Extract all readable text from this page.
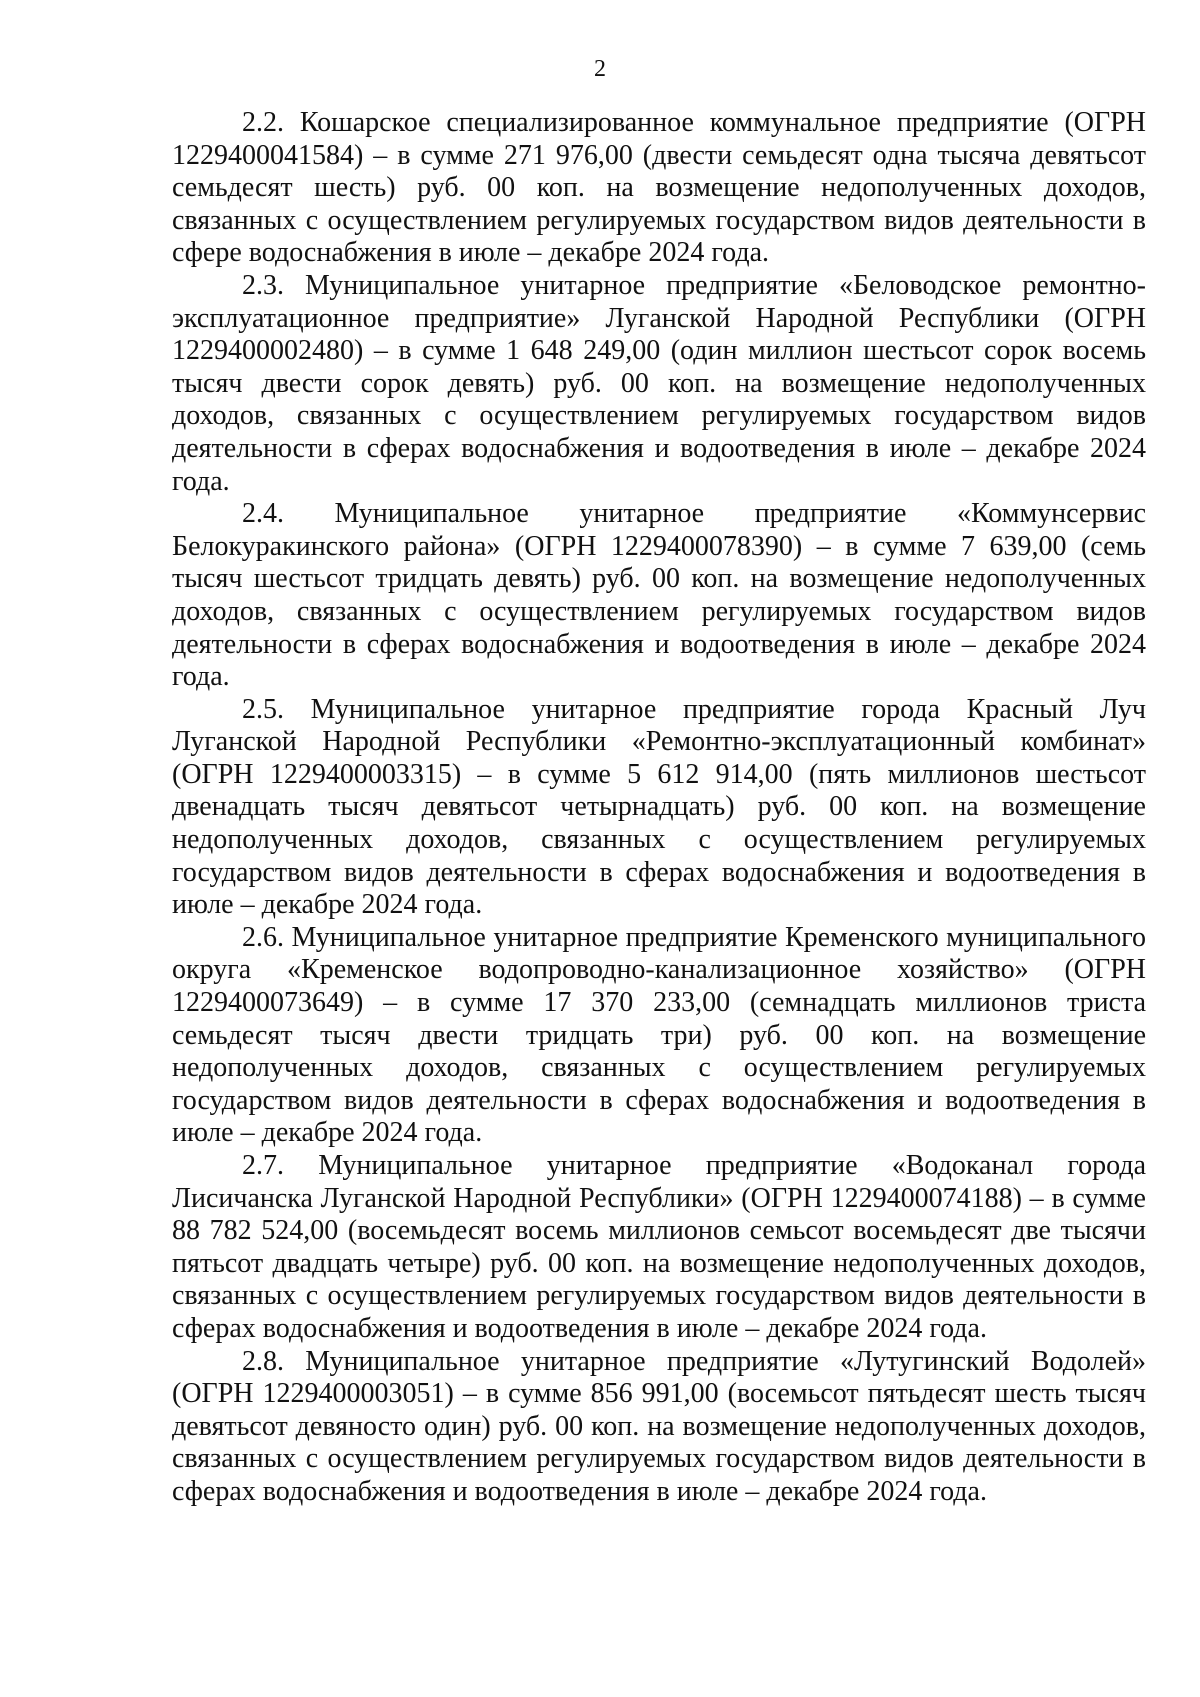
2

2.2. Кошарское специализированное коммунальное предприятие (ОГРН 1229400041584) – в сумме 271 976,00 (двести семьдесят одна тысяча девятьсот семьдесят шесть) руб. 00 коп. на возмещение недополученных доходов, связанных с осуществлением регулируемых государством видов деятельности в сфере водоснабжения в июле – декабре 2024 года.

2.3. Муниципальное унитарное предприятие «Беловодское ремонтно-эксплуатационное предприятие» Луганской Народной Республики (ОГРН 1229400002480) – в сумме 1 648 249,00 (один миллион шестьсот сорок восемь тысяч двести сорок девять) руб. 00 коп. на возмещение недополученных доходов, связанных с осуществлением регулируемых государством видов деятельности в сферах водоснабжения и водоотведения в июле – декабре 2024 года.

2.4. Муниципальное унитарное предприятие «Коммунсервис Белокуракинского района» (ОГРН 1229400078390) – в сумме 7 639,00 (семь тысяч шестьсот тридцать девять) руб. 00 коп. на возмещение недополученных доходов, связанных с осуществлением регулируемых государством видов деятельности в сферах водоснабжения и водоотведения в июле – декабре 2024 года.

2.5. Муниципальное унитарное предприятие города Красный Луч Луганской Народной Республики «Ремонтно-эксплуатационный комбинат» (ОГРН 1229400003315) – в сумме 5 612 914,00 (пять миллионов шестьсот двенадцать тысяч девятьсот четырнадцать) руб. 00 коп. на возмещение недополученных доходов, связанных с осуществлением регулируемых государством видов деятельности в сферах водоснабжения и водоотведения в июле – декабре 2024 года.

2.6. Муниципальное унитарное предприятие Кременского муниципального округа «Кременское водопроводно-канализационное хозяйство» (ОГРН 1229400073649) – в сумме 17 370 233,00 (семнадцать миллионов триста семьдесят тысяч двести тридцать три) руб. 00 коп. на возмещение недополученных доходов, связанных с осуществлением регулируемых государством видов деятельности в сферах водоснабжения и водоотведения в июле – декабре 2024 года.

2.7. Муниципальное унитарное предприятие «Водоканал города Лисичанска Луганской Народной Республики» (ОГРН 1229400074188) – в сумме 88 782 524,00 (восемьдесят восемь миллионов семьсот восемьдесят две тысячи пятьсот двадцать четыре) руб. 00 коп. на возмещение недополученных доходов, связанных с осуществлением регулируемых государством видов деятельности в сферах водоснабжения и водоотведения в июле – декабре 2024 года.

2.8. Муниципальное унитарное предприятие «Лутугинский Водолей» (ОГРН 1229400003051) – в сумме 856 991,00 (восемьсот пятьдесят шесть тысяч девятьсот девяносто один) руб. 00 коп. на возмещение недополученных доходов, связанных с осуществлением регулируемых государством видов деятельности в сферах водоснабжения и водоотведения в июле – декабре 2024 года.
